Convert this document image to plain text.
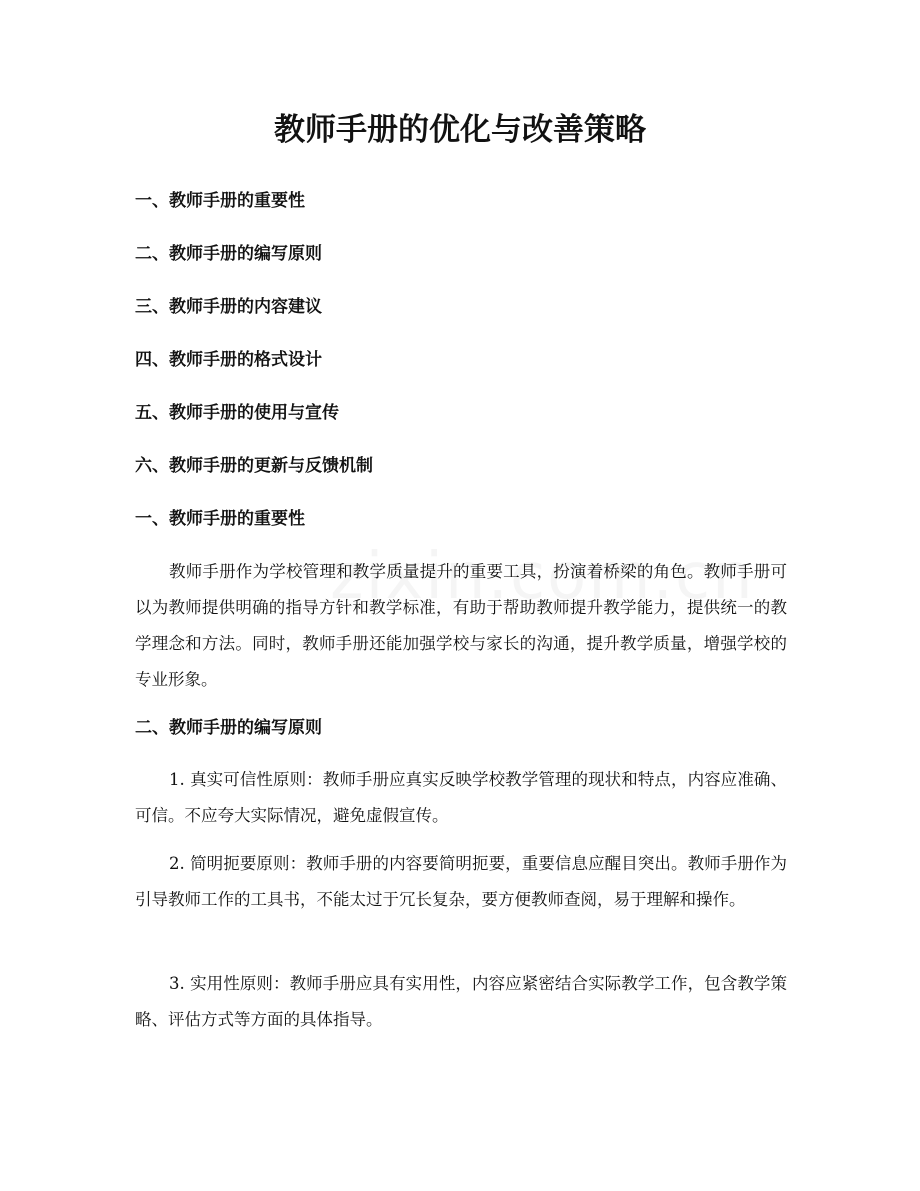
教师手册的优化与改善策略
一、教师手册的重要性
二、教师手册的编写原则
三、教师手册的内容建议
四、教师手册的格式设计
五、教师手册的使用与宣传
六、教师手册的更新与反馈机制
一、教师手册的重要性

教师手册作为学校管理和教学质量提升的重要工具，扮演着桥梁的角色。教师手册可以为教师提供明确的指导方针和教学标准，有助于帮助教师提升教学能力，提供统一的教学理念和方法。同时，教师手册还能加强学校与家长的沟通，提升教学质量，增强学校的专业形象。

二、教师手册的编写原则

1. 真实可信性原则：教师手册应真实反映学校教学管理的现状和特点，内容应准确、可信。不应夸大实际情况，避免虚假宣传。

2. 简明扼要原则：教师手册的内容要简明扼要，重要信息应醒目突出。教师手册作为引导教师工作的工具书，不能太过于冗长复杂，要方便教师查阅，易于理解和操作。

3. 实用性原则：教师手册应具有实用性，内容应紧密结合实际教学工作，包含教学策略、评估方式等方面的具体指导。
